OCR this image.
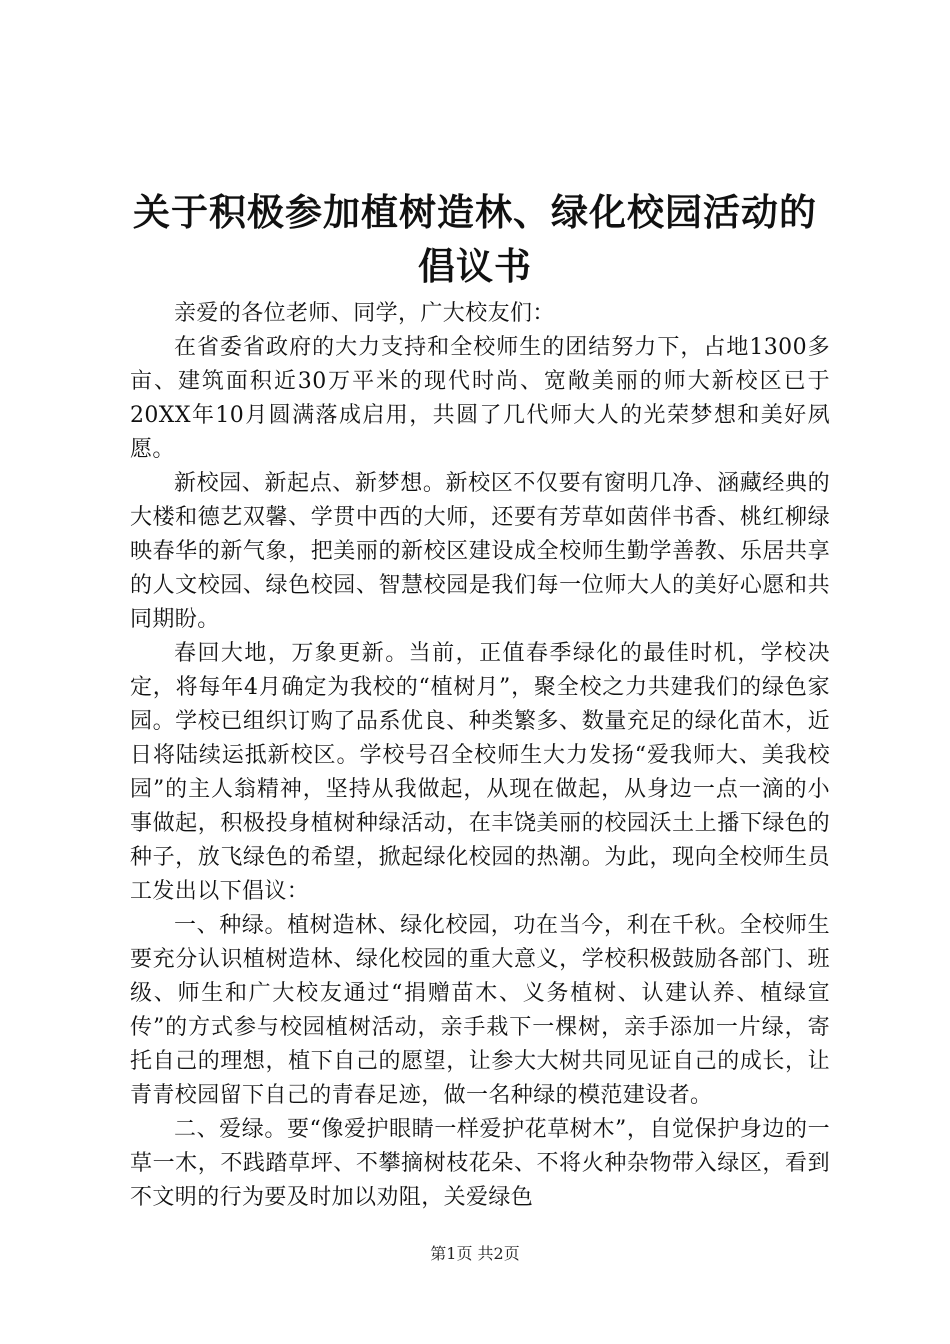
关于积极参加植树造林、绿化校园活动的倡议书

亲爱的各位老师、同学，广大校友们：

在省委省政府的大力支持和全校师生的团结努力下，占地1300多亩、建筑面积近30万平米的现代时尚、宽敞美丽的师大新校区已于20XX年10月圆满落成启用，共圆了几代师大人的光荣梦想和美好夙愿。

新校园、新起点、新梦想。新校区不仅要有窗明几净、涵藏经典的大楼和德艺双馨、学贯中西的大师，还要有芳草如茵伴书香、桃红柳绿映春华的新气象，把美丽的新校区建设成全校师生勤学善教、乐居共享的人文校园、绿色校园、智慧校园是我们每一位师大人的美好心愿和共同期盼。

春回大地，万象更新。当前，正值春季绿化的最佳时机，学校决定，将每年4月确定为我校的“植树月”，聚全校之力共建我们的绿色家园。学校已组织订购了品系优良、种类繁多、数量充足的绿化苗木，近日将陆续运抵新校区。学校号召全校师生大力发扬“爱我师大、美我校园”的主人翁精神，坚持从我做起，从现在做起，从身边一点一滴的小事做起，积极投身植树种绿活动，在丰饶美丽的校园沃土上播下绿色的种子，放飞绿色的希望，掀起绿化校园的热潮。为此，现向全校师生员工发出以下倡议：

一、种绿。植树造林、绿化校园，功在当今，利在千秋。全校师生要充分认识植树造林、绿化校园的重大意义，学校积极鼓励各部门、班级、师生和广大校友通过“捐赠苗木、义务植树、认建认养、植绿宣传”的方式参与校园植树活动，亲手栽下一棵树，亲手添加一片绿，寄托自己的理想，植下自己的愿望，让参大大树共同见证自己的成长，让青青校园留下自己的青春足迹，做一名种绿的模范建设者。

二、爱绿。要“像爱护眼睛一样爱护花草树木”，自觉保护身边的一草一木，不践踏草坪、不攀摘树枝花朵、不将火种杂物带入绿区，看到不文明的行为要及时加以劝阻，关爱绿色

第1页 共2页
